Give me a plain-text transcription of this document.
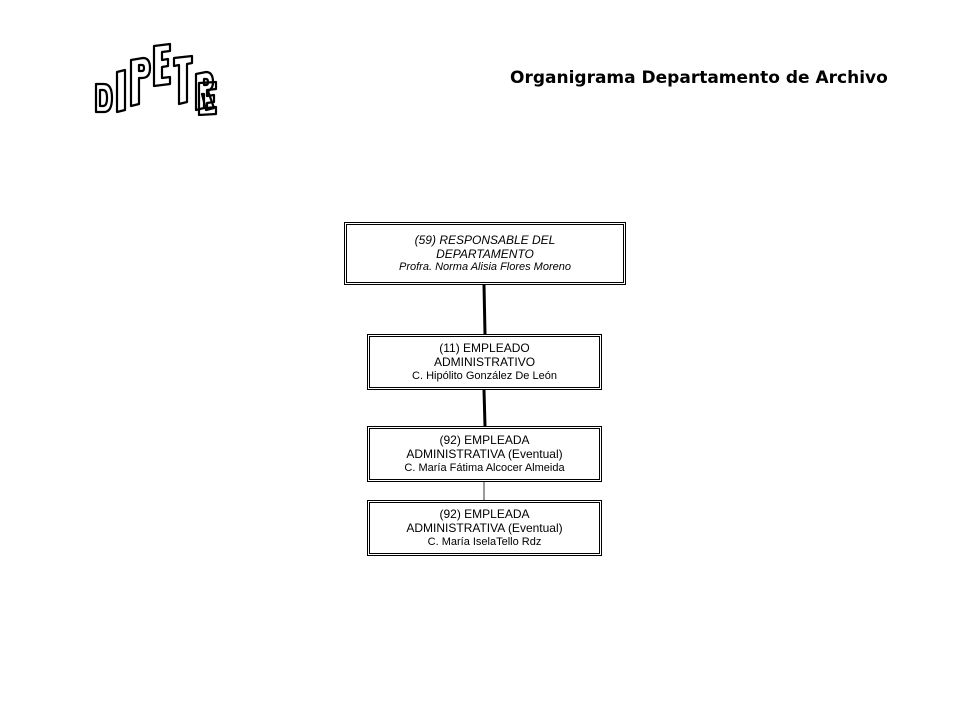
Organigrama Departamento de Archivo
(59) RESPONSABLE DEL
DEPARTAMENTO
Profra. Norma Alisia Flores Moreno
(11) EMPLEADO
ADMINISTRATIVO
C. Hipólito González De León
(92) EMPLEADA
ADMINISTRATIVA (Eventual)
C. María Fátima Alcocer Almeida
(92) EMPLEADA
ADMINISTRATIVA (Eventual)
C. María IselaTello Rdz
